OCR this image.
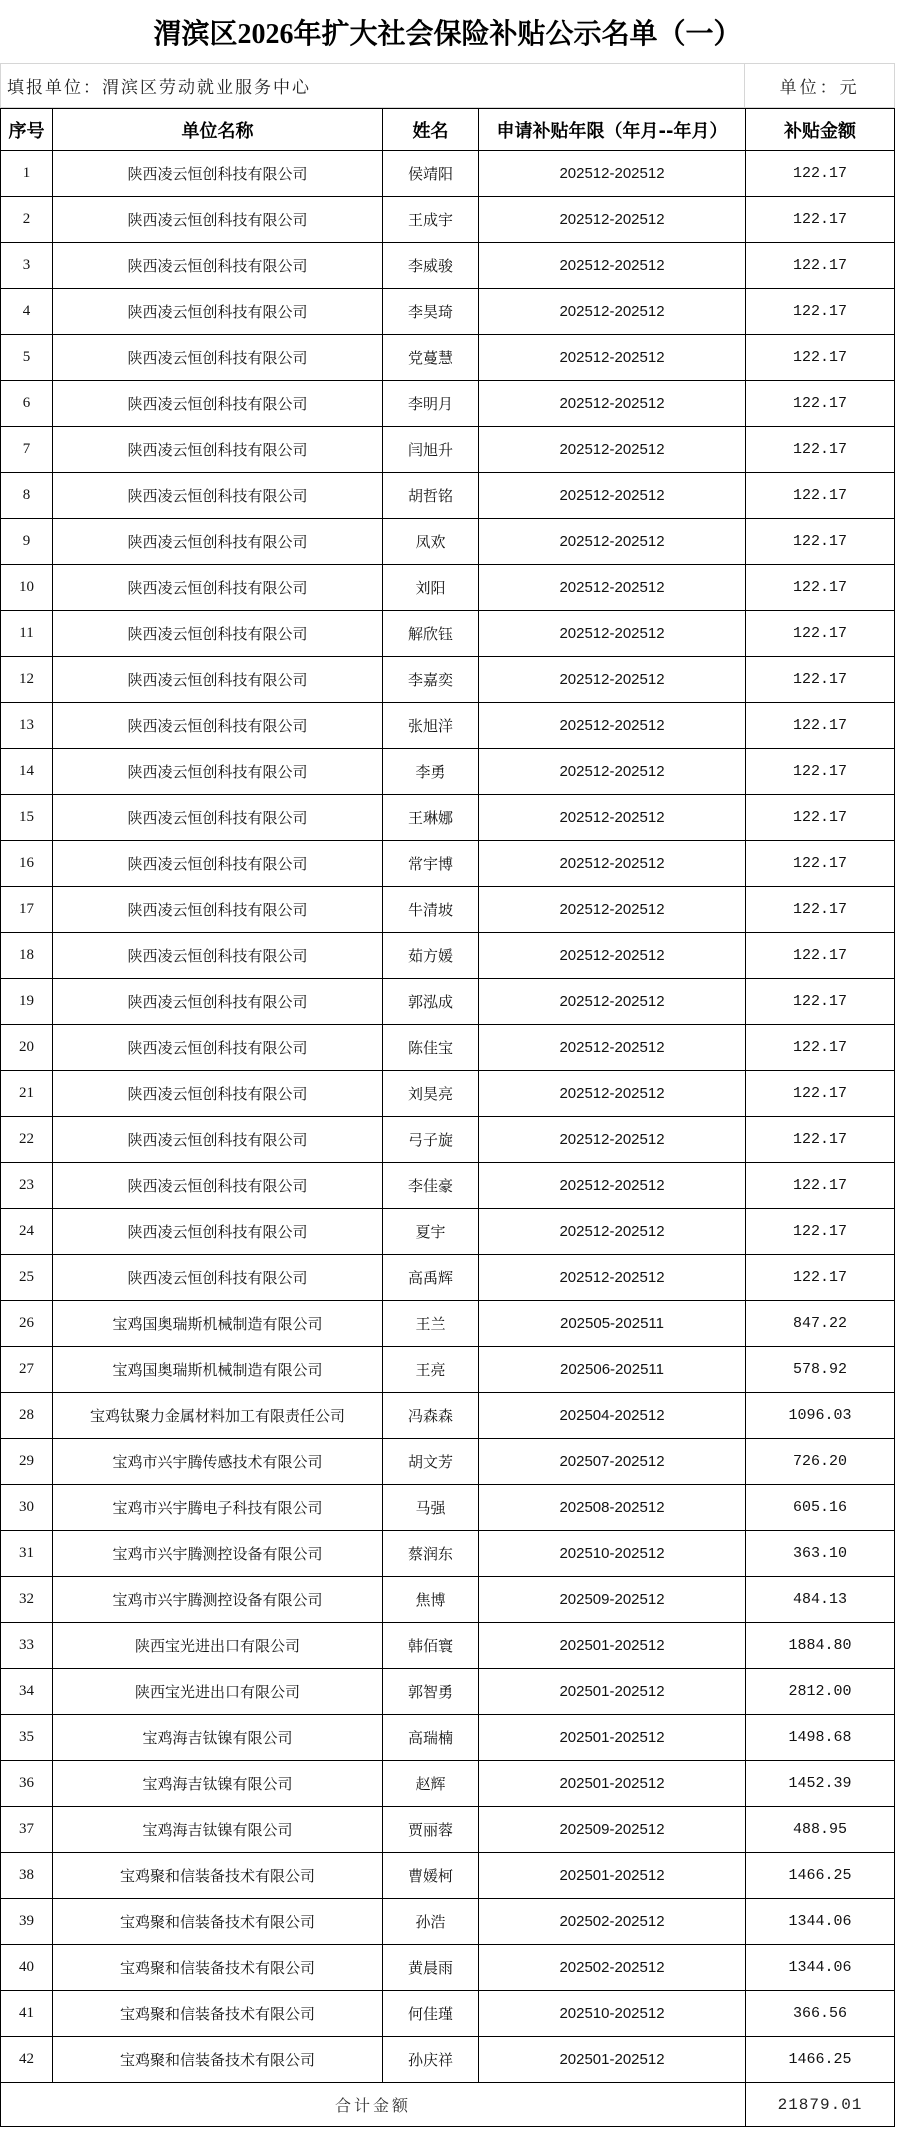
渭滨区2026年扩大社会保险补贴公示名单（一）
填报单位：渭滨区劳动就业服务中心	单位：元
序号	单位名称	姓名	申请补贴年限（年月--年月）	补贴金额
1	陕西凌云恒创科技有限公司	侯靖阳	202512-202512	122.17
2	陕西凌云恒创科技有限公司	王成宇	202512-202512	122.17
3	陕西凌云恒创科技有限公司	李威骏	202512-202512	122.17
4	陕西凌云恒创科技有限公司	李昊琦	202512-202512	122.17
5	陕西凌云恒创科技有限公司	党蔓慧	202512-202512	122.17
6	陕西凌云恒创科技有限公司	李明月	202512-202512	122.17
7	陕西凌云恒创科技有限公司	闫旭升	202512-202512	122.17
8	陕西凌云恒创科技有限公司	胡哲铭	202512-202512	122.17
9	陕西凌云恒创科技有限公司	凤欢	202512-202512	122.17
10	陕西凌云恒创科技有限公司	刘阳	202512-202512	122.17
11	陕西凌云恒创科技有限公司	解欣钰	202512-202512	122.17
12	陕西凌云恒创科技有限公司	李嘉奕	202512-202512	122.17
13	陕西凌云恒创科技有限公司	张旭洋	202512-202512	122.17
14	陕西凌云恒创科技有限公司	李勇	202512-202512	122.17
15	陕西凌云恒创科技有限公司	王琳娜	202512-202512	122.17
16	陕西凌云恒创科技有限公司	常宇博	202512-202512	122.17
17	陕西凌云恒创科技有限公司	牛清坡	202512-202512	122.17
18	陕西凌云恒创科技有限公司	茹方媛	202512-202512	122.17
19	陕西凌云恒创科技有限公司	郭泓成	202512-202512	122.17
20	陕西凌云恒创科技有限公司	陈佳宝	202512-202512	122.17
21	陕西凌云恒创科技有限公司	刘昊亮	202512-202512	122.17
22	陕西凌云恒创科技有限公司	弓子旋	202512-202512	122.17
23	陕西凌云恒创科技有限公司	李佳豪	202512-202512	122.17
24	陕西凌云恒创科技有限公司	夏宇	202512-202512	122.17
25	陕西凌云恒创科技有限公司	高禹辉	202512-202512	122.17
26	宝鸡国奥瑞斯机械制造有限公司	王兰	202505-202511	847.22
27	宝鸡国奥瑞斯机械制造有限公司	王亮	202506-202511	578.92
28	宝鸡钛聚力金属材料加工有限责任公司	冯森森	202504-202512	1096.03
29	宝鸡市兴宇腾传感技术有限公司	胡文芳	202507-202512	726.20
30	宝鸡市兴宇腾电子科技有限公司	马强	202508-202512	605.16
31	宝鸡市兴宇腾测控设备有限公司	蔡润东	202510-202512	363.10
32	宝鸡市兴宇腾测控设备有限公司	焦博	202509-202512	484.13
33	陕西宝光进出口有限公司	韩佰寰	202501-202512	1884.80
34	陕西宝光进出口有限公司	郭智勇	202501-202512	2812.00
35	宝鸡海吉钛镍有限公司	高瑞楠	202501-202512	1498.68
36	宝鸡海吉钛镍有限公司	赵辉	202501-202512	1452.39
37	宝鸡海吉钛镍有限公司	贾丽蓉	202509-202512	488.95
38	宝鸡聚和信装备技术有限公司	曹媛柯	202501-202512	1466.25
39	宝鸡聚和信装备技术有限公司	孙浩	202502-202512	1344.06
40	宝鸡聚和信装备技术有限公司	黄晨雨	202502-202512	1344.06
41	宝鸡聚和信装备技术有限公司	何佳瑾	202510-202512	366.56
42	宝鸡聚和信装备技术有限公司	孙庆祥	202501-202512	1466.25
合计金额	21879.01
